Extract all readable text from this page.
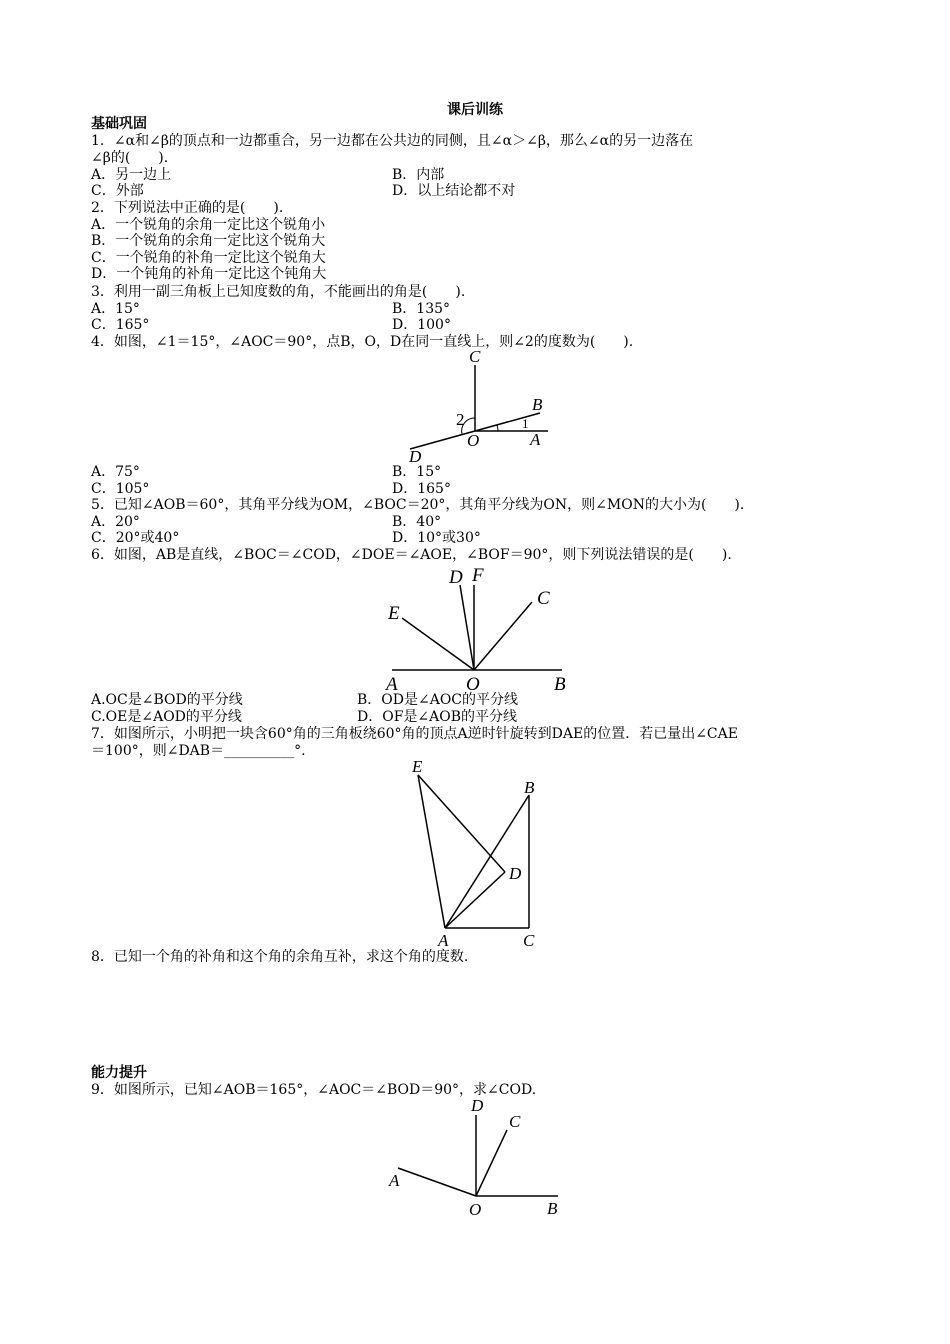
课后训练
基础巩固
1．∠α和∠β的顶点和一边都重合，另一边都在公共边的同侧，且∠α＞∠β，那么∠α的另一边落在
∠β的(　　).
A．另一边上	B．内部
C．外部	D．以上结论都不对
2．下列说法中正确的是(　　).
A．一个锐角的余角一定比这个锐角小
B．一个锐角的余角一定比这个锐角大
C．一个锐角的补角一定比这个锐角大
D．一个钝角的补角一定比这个钝角大
3．利用一副三角板上已知度数的角，不能画出的角是(　　).
A．15°	B．135°
C．165°	D．100°
4．如图，∠1＝15°，∠AOC＝90°，点B，O，D在同一直线上，则∠2的度数为(　　).
C
B
2	1
O	A
D
A．75°	B．15°
C．105°	D．165°
5．已知∠AOB＝60°，其角平分线为OM，∠BOC＝20°，其角平分线为ON，则∠MON的大小为(　　).
A．20°	B．40°
C．20°或40°	D．10°或30°
6．如图，AB是直线，∠BOC＝∠COD，∠DOE＝∠AOE，∠BOF＝90°，则下列说法错误的是(　　).
D F
C
E
A	O	B
A.OC是∠BOD的平分线	B．OD是∠AOC的平分线
C.OE是∠AOD的平分线	D．OF是∠AOB的平分线
7．如图所示，小明把一块含60°角的三角板绕60°角的顶点A逆时针旋转到DAE的位置．若已量出∠CAE
＝100°，则∠DAB＝__________°.
E
B
D
A	C
8．已知一个角的补角和这个角的余角互补，求这个角的度数.
能力提升
9．如图所示，已知∠AOB＝165°，∠AOC＝∠BOD＝90°，求∠COD.
D
C
A
O	B
